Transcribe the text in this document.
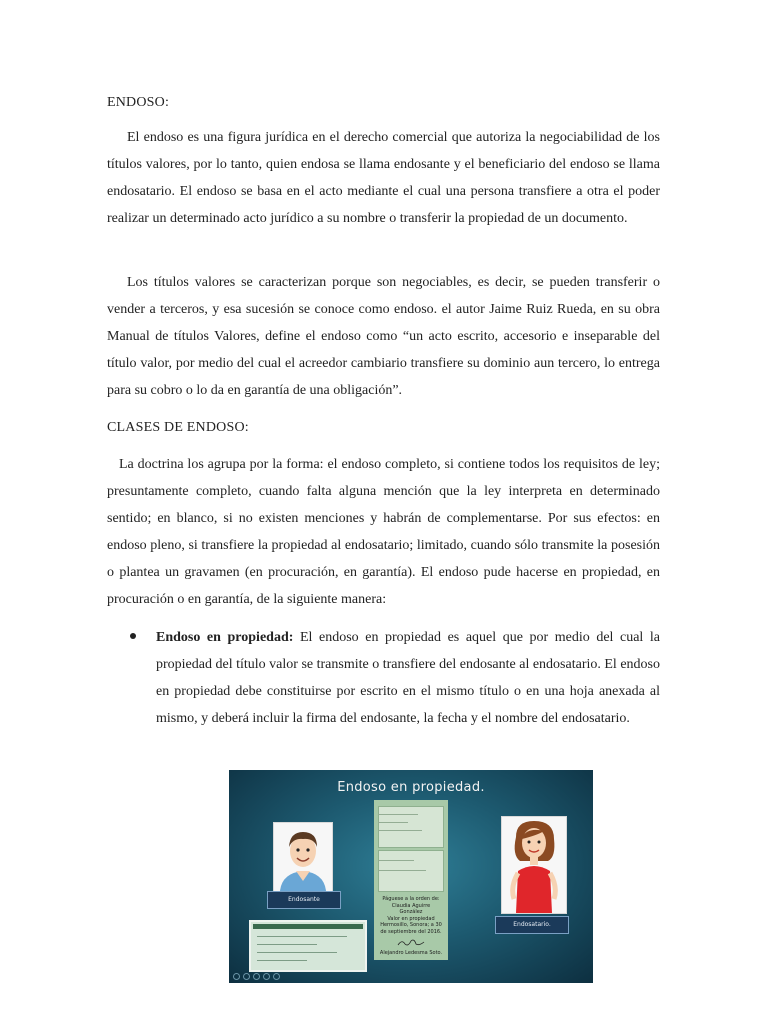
ENDOSO:
El endoso es una figura jurídica en el derecho comercial que autoriza la negociabilidad de los títulos valores, por lo tanto, quien endosa se llama endosante y el beneficiario del endoso se llama endosatario. El endoso se basa en el acto mediante el cual una persona transfiere a otra el poder realizar un determinado acto jurídico a su nombre o transferir la propiedad de un documento.
Los títulos valores se caracterizan porque son negociables, es decir, se pueden transferir o vender a terceros, y esa sucesión se conoce como endoso. el autor Jaime Ruiz Rueda, en su obra Manual de títulos Valores, define el endoso como “un acto escrito, accesorio e inseparable del título valor, por medio del cual el acreedor cambiario transfiere su dominio aun tercero, lo entrega para su cobro o lo da en garantía de una obligación”.
CLASES DE ENDOSO:
La doctrina los agrupa por la forma: el endoso completo, si contiene todos los requisitos de ley; presuntamente completo, cuando falta alguna mención que la ley interpreta en determinado sentido; en blanco, si no existen menciones y habrán de complementarse. Por sus efectos: en endoso pleno, si transfiere la propiedad al endosatario; limitado, cuando sólo transmite la posesión o plantea un gravamen (en procuración, en garantía). El endoso pude hacerse en propiedad, en procuración o en garantía, de la siguiente manera:
Endoso en propiedad: El endoso en propiedad es aquel que por medio del cual la propiedad del título valor se transmite o transfiere del endosante al endosatario. El endoso en propiedad debe constituirse por escrito en el mismo título o en una hoja anexada al mismo, y deberá incluir la firma del endosante, la fecha y el nombre del endosatario.
Endoso en propiedad.
Endosante	Páguese a la orden de:
Claudia Aguirre González
Valor en propiedad
Hermosillo, Sonora; a 30
de septiembre del 2016.
Alejandro Ledesma Soto.
Endosatario.
